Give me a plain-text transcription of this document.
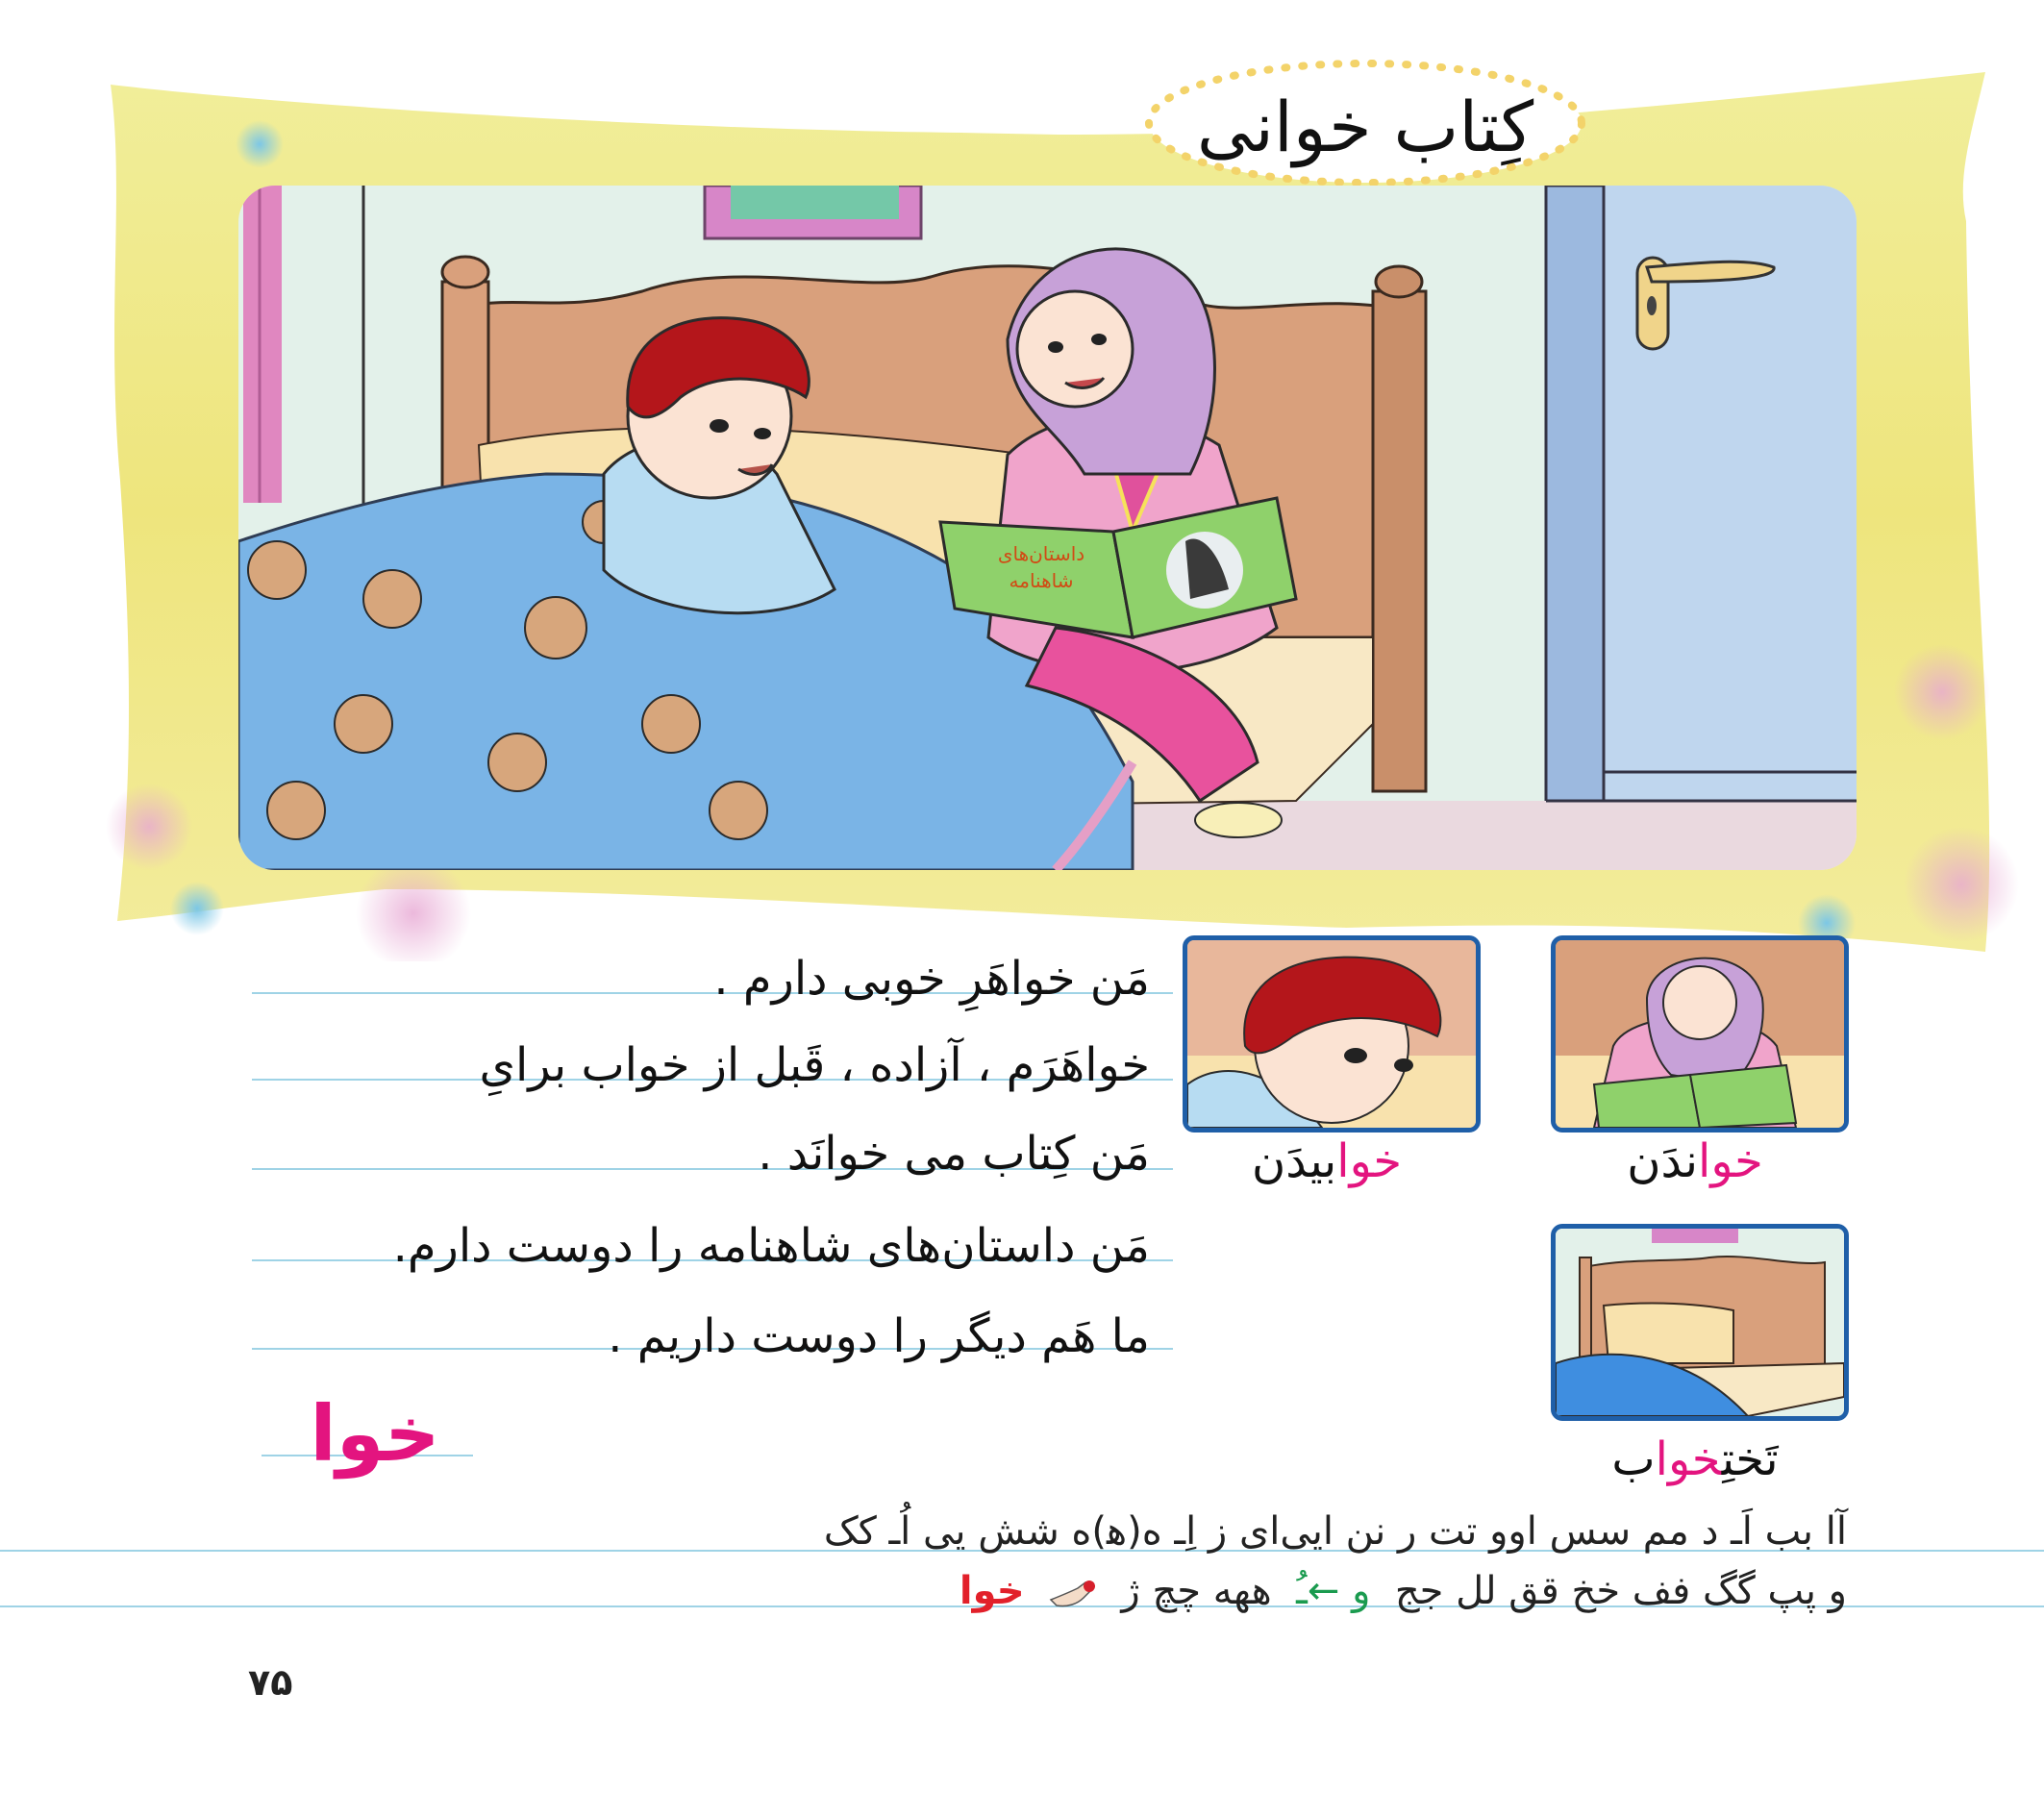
کِتاب خوانی
داستان‌های
شاهنامه
مَن خواهَرِ خوبی دارم .
خواهَرَم ، آزاده ، قَبل از خواب برایِ
مَن کِتاب می خوانَد .
مَن داستان‌های شاهنامه را دوست دارم.
ما هَم دیگر را دوست داریم .
خواندَن
خوابیدَن
تَختِخواب
خوا
آا بب اَـ د مم سس اوو تت ر نن ایی‌ای ز اِـ ه(ﻫ)ه شش یی اُـ کک
و پپ گگ فف خخ قق لل جج  و ←ـُ  ههه چچ ژ    خوا
۷۵
